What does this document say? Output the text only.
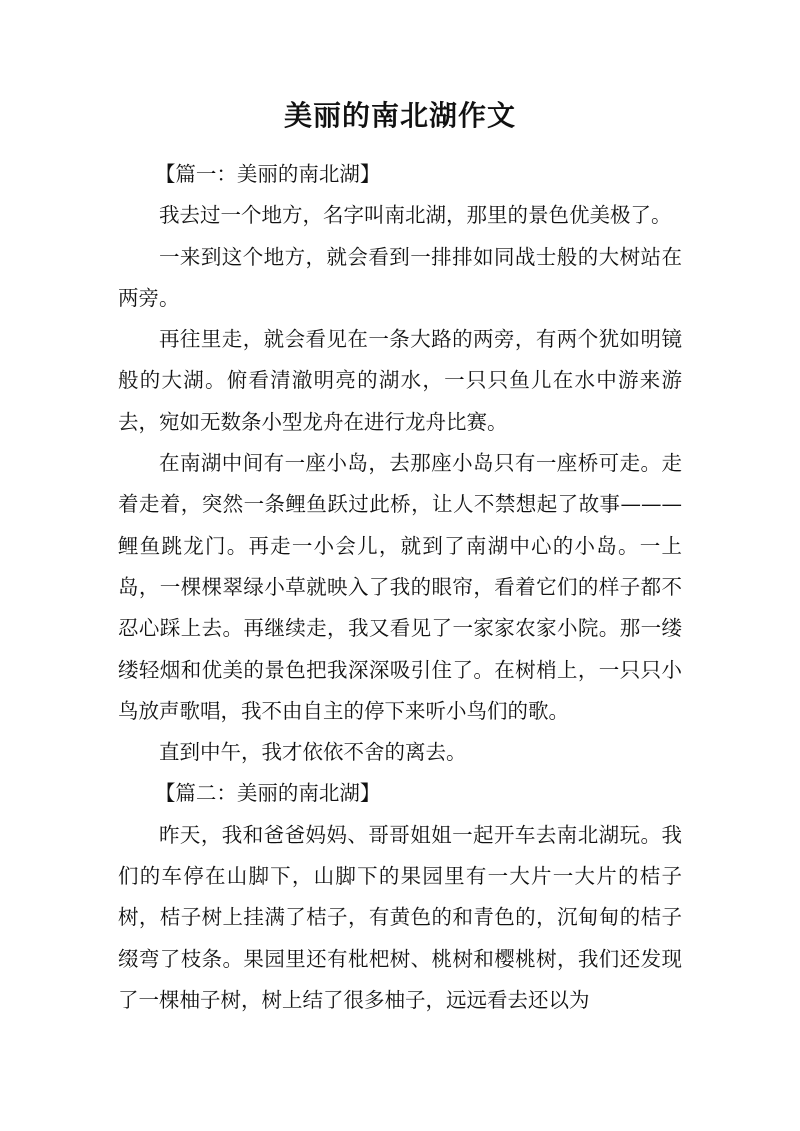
美丽的南北湖作文

【篇一：美丽的南北湖】

我去过一个地方，名字叫南北湖，那里的景色优美极了。

一来到这个地方，就会看到一排排如同战士般的大树站在两旁。

再往里走，就会看见在一条大路的两旁，有两个犹如明镜般的大湖。俯看清澈明亮的湖水，一只只鱼儿在水中游来游去，宛如无数条小型龙舟在进行龙舟比赛。

在南湖中间有一座小岛，去那座小岛只有一座桥可走。走着走着，突然一条鲤鱼跃过此桥，让人不禁想起了故事———鲤鱼跳龙门。再走一小会儿，就到了南湖中心的小岛。一上岛，一棵棵翠绿小草就映入了我的眼帘，看着它们的样子都不忍心踩上去。再继续走，我又看见了一家家农家小院。那一缕缕轻烟和优美的景色把我深深吸引住了。在树梢上，一只只小鸟放声歌唱，我不由自主的停下来听小鸟们的歌。

直到中午，我才依依不舍的离去。

【篇二：美丽的南北湖】

昨天，我和爸爸妈妈、哥哥姐姐一起开车去南北湖玩。我们的车停在山脚下，山脚下的果园里有一大片一大片的桔子树，桔子树上挂满了桔子，有黄色的和青色的，沉甸甸的桔子缀弯了枝条。果园里还有枇杷树、桃树和樱桃树，我们还发现了一棵柚子树，树上结了很多柚子，远远看去还以为
